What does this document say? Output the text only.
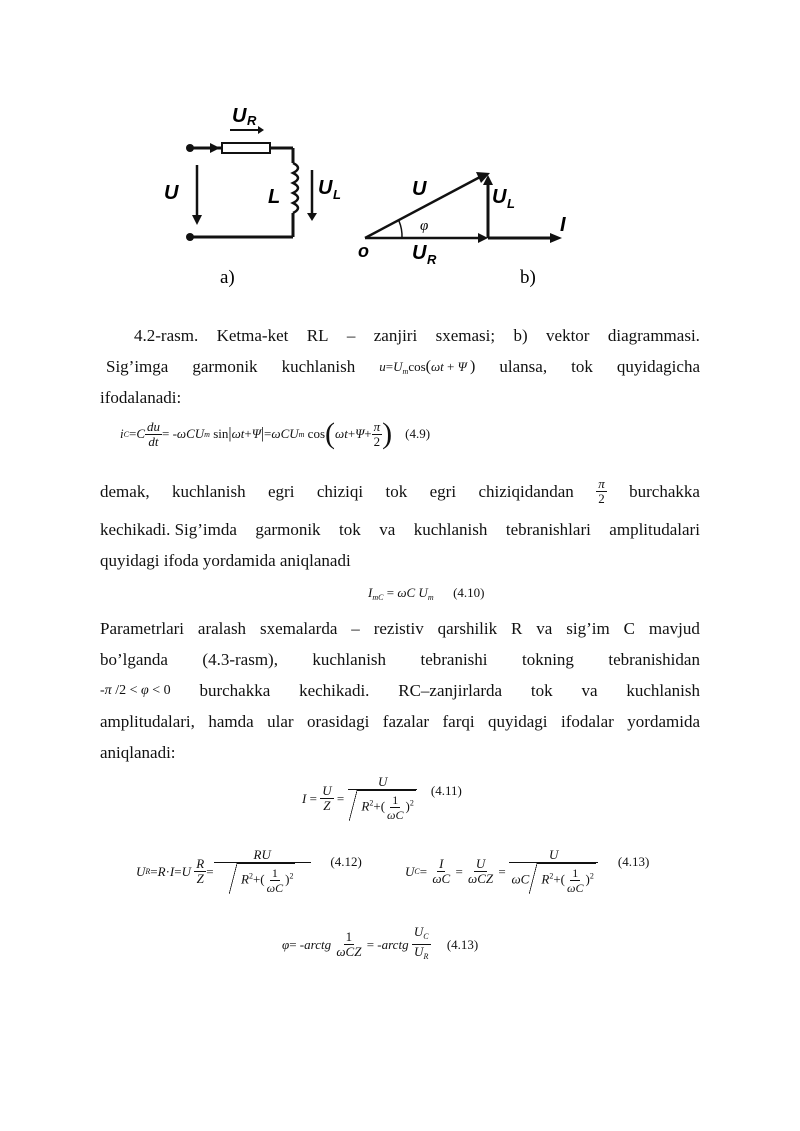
U R
U	L U L
a)
U	U L
I
o U R
φ
b)
4.2-rasm. Ketma-ket RL – zanjiri sxemasi; b) vektor diagrammasi.
Sig’imga garmonik kuchlanish $u=U_m\cos(\omega t + \Psi$ ) ulansa, tok quyidagicha
ifodalanadi:
i C = C $\frac{du}{dt}$ = - ωC U m sin | ωt + Ψ | = ωC U m cos ( $\omega t + \Psi + \frac{\pi}{2}$ )
(4.9)
demak, kuchlanish egri chiziqi tok egri chiziqidandan $\frac{\pi}{2}$ burchakka
kechikadi. Sig’imda garmonik tok va kuchlanish tebranishlari amplitudalari
quyidagi ifoda yordamida aniqlanadi
$I_{mC} = \omega C$ $U_m$ (4.10)
Parametrlari aralash sxemalarda – rezistiv qarshilik R va sig’im C mavjud
bo’lganda (4.3-rasm), kuchlanish tebranishi tokning tebranishidan
-π /2 < φ < 0 burchakka kechikadi. RC–zanjirlarda tok va kuchlanish
amplitudalari, hamda ular orasidagi fazalar farqi quyidagi ifodalar yordamida
aniqlanadi:
$I = \frac{U}{Z} = \frac{U}{R^2+( \frac{1}{\omega C} )^2}$
(4.11)
U R = R · I = U
$\frac{R}{Z} = \frac{RU}{R^2+( \frac{1}{\omega C} )^2}$
(4.12)
U $C = \frac{I}{\omega C} = \frac{U}{\text{ωCZ}} = \frac{U}{\omega C R^2+( \frac{1}{\omega C} )^2}$
(4.13)
φ = - arctg
$\frac{1}{\text{ωCZ}}$ = - arctg
$\frac{U_C}{U_R}$
(4.13)
